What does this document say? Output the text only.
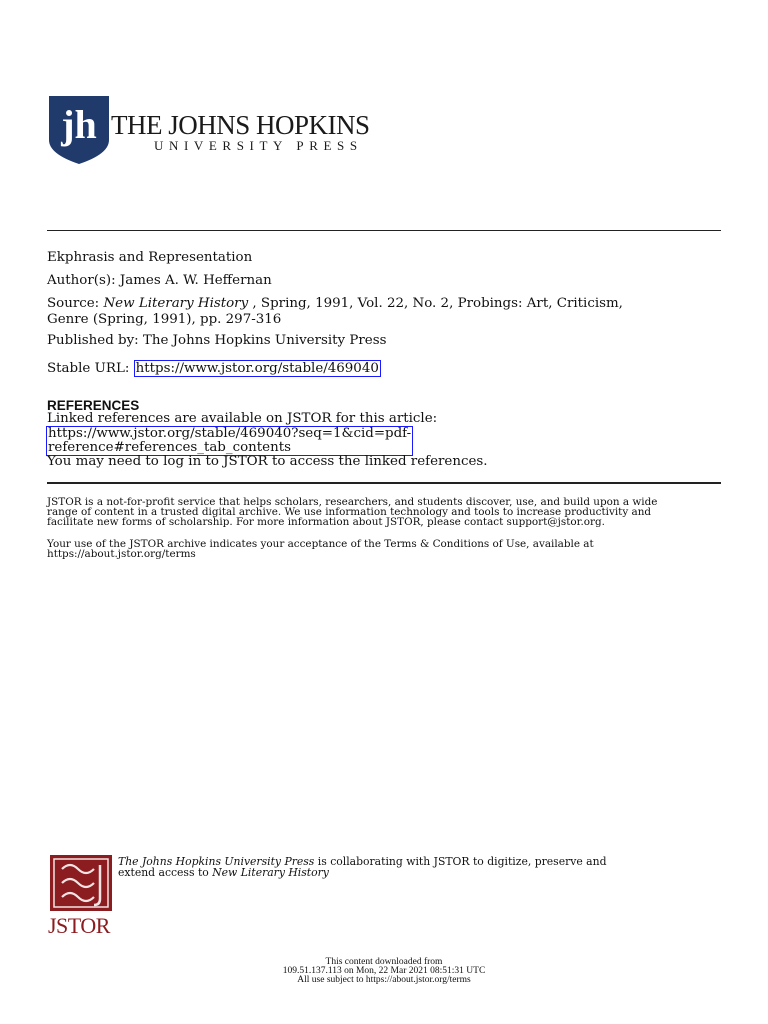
jh THE JOHNS HOPKINS
UNIVERSITY PRESS
Ekphrasis and Representation
Author(s): James A. W. Heffernan
Source: New Literary History , Spring, 1991, Vol. 22, No. 2, Probings: Art, Criticism,
Genre (Spring, 1991), pp. 297-316
Published by: The Johns Hopkins University Press
Stable URL: https://www.jstor.org/stable/469040
REFERENCES
Linked references are available on JSTOR for this article:
https://www.jstor.org/stable/469040?seq=1&cid=pdf-
reference#references_tab_contents
You may need to log in to JSTOR to access the linked references.
JSTOR is a not-for-profit service that helps scholars, researchers, and students discover, use, and build upon a wide
range of content in a trusted digital archive. We use information technology and tools to increase productivity and
facilitate new forms of scholarship. For more information about JSTOR, please contact support@jstor.org.
Your use of the JSTOR archive indicates your acceptance of the Terms & Conditions of Use, available at
https://about.jstor.org/terms
JSTOR
The Johns Hopkins University Press is collaborating with JSTOR to digitize, preserve and
extend access to New Literary History
This content downloaded from
109.51.137.113 on Mon, 22 Mar 2021 08:51:31 UTC
All use subject to https://about.jstor.org/terms
